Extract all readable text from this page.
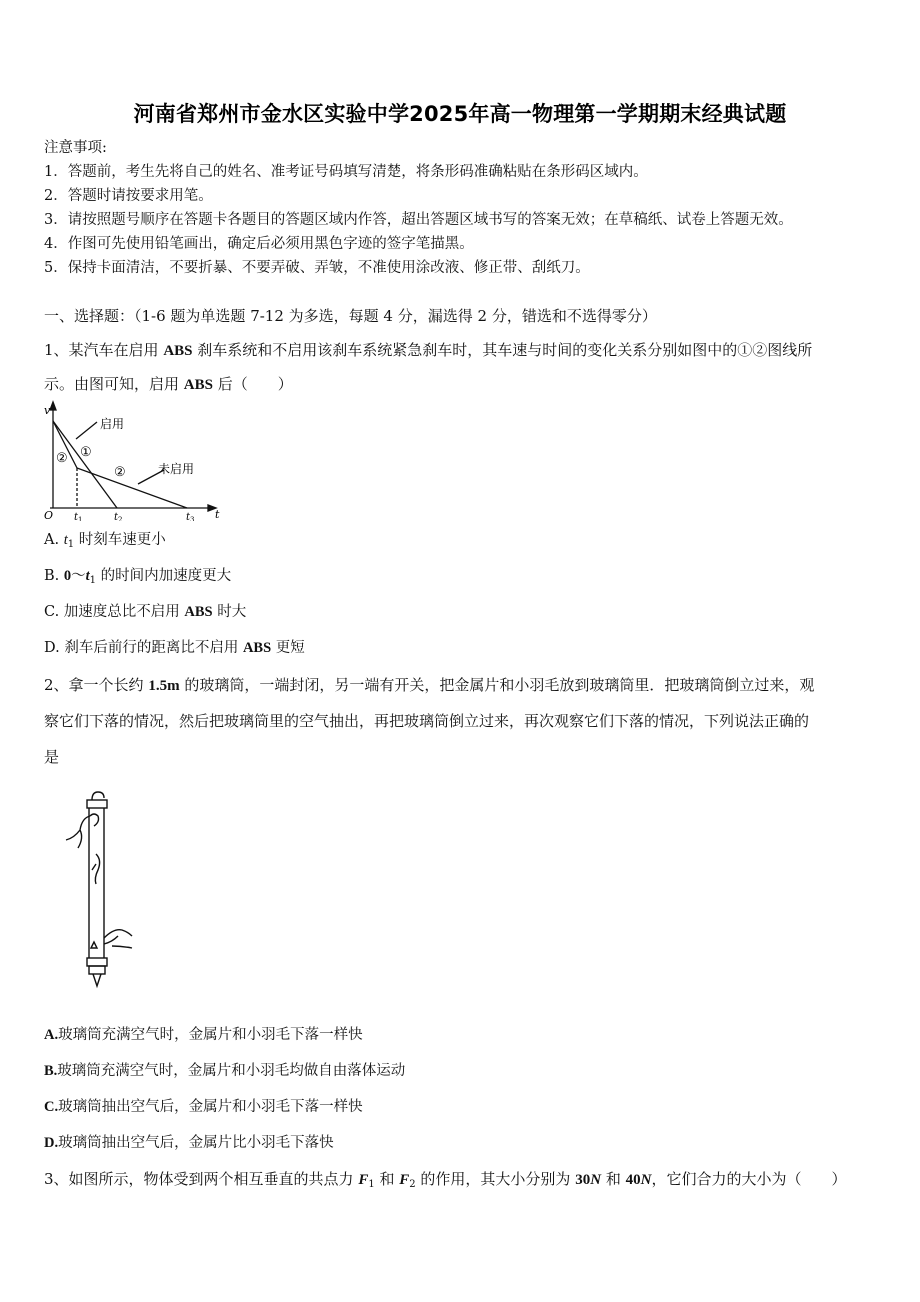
河南省郑州市金水区实验中学2025年高一物理第一学期期末经典试题
注意事项:
1．答题前，考生先将自己的姓名、准考证号码填写清楚，将条形码准确粘贴在条形码区域内。
2．答题时请按要求用笔。
3．请按照题号顺序在答题卡各题目的答题区域内作答，超出答题区域书写的答案无效；在草稿纸、试卷上答题无效。
4．作图可先使用铅笔画出，确定后必须用黑色字迹的签字笔描黑。
5．保持卡面清洁，不要折暴、不要弄破、弄皱，不准使用涂改液、修正带、刮纸刀。
一、选择题：（1-6 题为单选题 7-12 为多选，每题 4 分，漏选得 2 分，错选和不选得零分）
1、某汽车在启用 ABS 刹车系统和不启用该刹车系统紧急刹车时，其车速与时间的变化关系分别如图中的①②图线所
示。由图可知，启用 ABS 后（　　）
v
t
O t 1	t 2	t 3
启用
未启用
①
②
②
A. $t_1$ 时刻车速更小
B. $0\sim t_1$ 的时间内加速度更大
C. 加速度总比不启用 ABS 时大
D. 刹车后前行的距离比不启用 ABS 更短
2、拿一个长约 1.5m 的玻璃筒，一端封闭，另一端有开关，把金属片和小羽毛放到玻璃筒里．把玻璃筒倒立过来，观
察它们下落的情况，然后把玻璃筒里的空气抽出，再把玻璃筒倒立过来，再次观察它们下落的情况，下列说法正确的
是
A.玻璃筒充满空气时，金属片和小羽毛下落一样快
B.玻璃筒充满空气时，金属片和小羽毛均做自由落体运动
C.玻璃筒抽出空气后，金属片和小羽毛下落一样快
D.玻璃筒抽出空气后，金属片比小羽毛下落快
3、如图所示，物体受到两个相互垂直的共点力 $F_1$ 和 $F_2$ 的作用，其大小分别为 30N 和 40N，它们合力的大小为（　　）
